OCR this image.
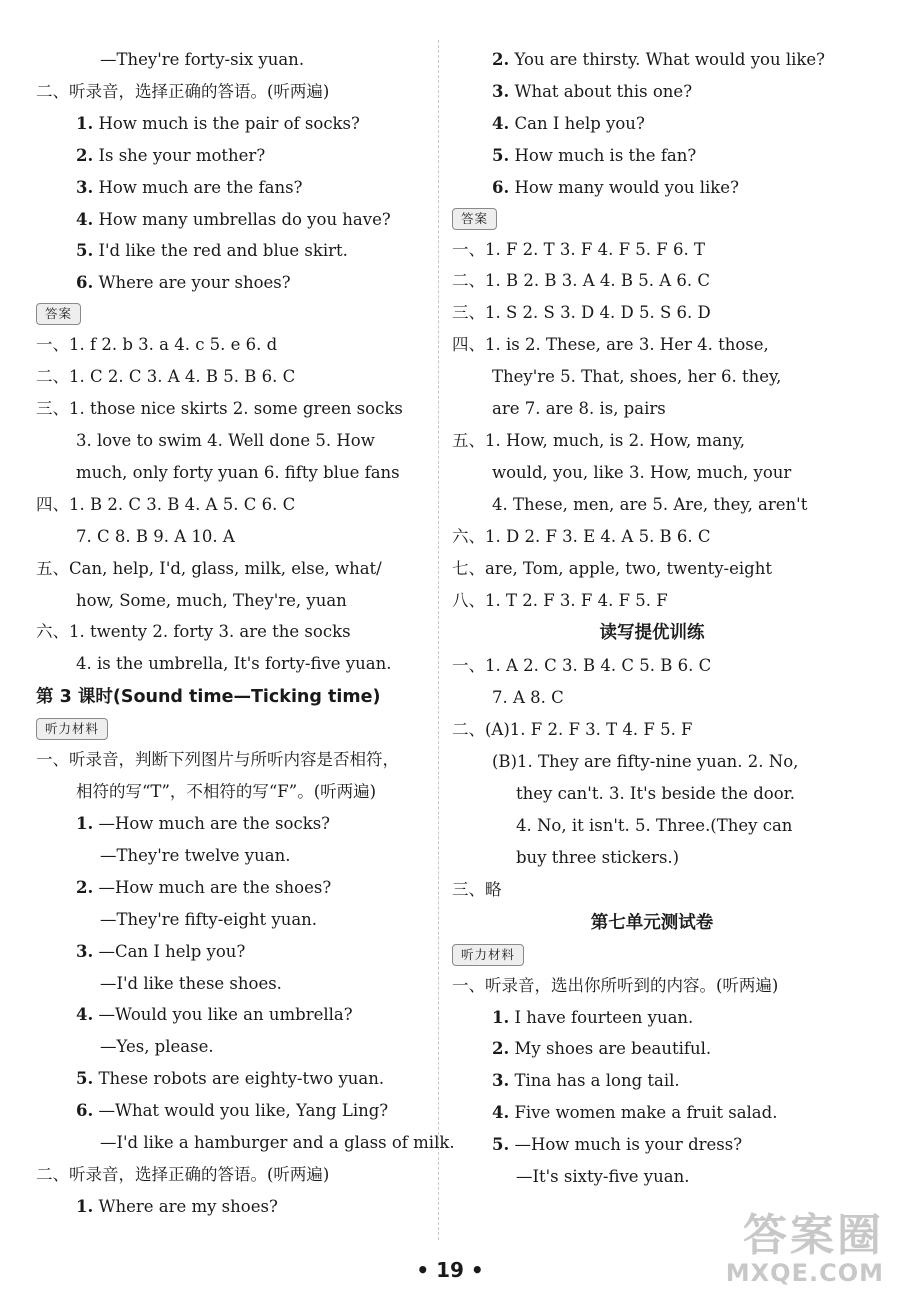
—They're forty-six yuan.
二、听录音，选择正确的答语。(听两遍)
1. How much is the pair of socks?
2. Is she your mother?
3. How much are the fans?
4. How many umbrellas do you have?
5. I'd like the red and blue skirt.
6. Where are your shoes?
答案
一、1. f 2. b 3. a 4. c 5. e 6. d
二、1. C 2. C 3. A 4. B 5. B 6. C
三、1. those nice skirts 2. some green socks
3. love to swim 4. Well done 5. How
much, only forty yuan 6. fifty blue fans
四、1. B 2. C 3. B 4. A 5. C 6. C
7. C 8. B 9. A 10. A
五、Can, help, I'd, glass, milk, else, what/
how, Some, much, They're, yuan
六、1. twenty 2. forty 3. are the socks
4. is the umbrella, It's forty-five yuan.
第 3 课时(Sound time—Ticking time)
听力材料
一、听录音，判断下列图片与所听内容是否相符，
相符的写“T”，不相符的写“F”。(听两遍)
1. —How much are the socks?
—They're twelve yuan.
2. —How much are the shoes?
—They're fifty-eight yuan.
3. —Can I help you?
—I'd like these shoes.
4. —Would you like an umbrella?
—Yes, please.
5. These robots are eighty-two yuan.
6. —What would you like, Yang Ling?
—I'd like a hamburger and a glass of milk.
二、听录音，选择正确的答语。(听两遍)
1. Where are my shoes?
2. You are thirsty. What would you like?
3. What about this one?
4. Can I help you?
5. How much is the fan?
6. How many would you like?
答案
一、1. F 2. T 3. F 4. F 5. F 6. T
二、1. B 2. B 3. A 4. B 5. A 6. C
三、1. S 2. S 3. D 4. D 5. S 6. D
四、1. is 2. These, are 3. Her 4. those,
They're 5. That, shoes, her 6. they,
are 7. are 8. is, pairs
五、1. How, much, is 2. How, many,
would, you, like 3. How, much, your
4. These, men, are 5. Are, they, aren't
六、1. D 2. F 3. E 4. A 5. B 6. C
七、are, Tom, apple, two, twenty-eight
八、1. T 2. F 3. F 4. F 5. F
读写提优训练
一、1. A 2. C 3. B 4. C 5. B 6. C
7. A 8. C
二、(A)1. F 2. F 3. T 4. F 5. F
(B)1. They are fifty-nine yuan. 2. No,
they can't. 3. It's beside the door.
4. No, it isn't. 5. Three.(They can
buy three stickers.)
三、略
第七单元测试卷
听力材料
一、听录音，选出你所听到的内容。(听两遍)
1. I have fourteen yuan.
2. My shoes are beautiful.
3. Tina has a long tail.
4. Five women make a fruit salad.
5. —How much is your dress?
—It's sixty-five yuan.
• 19 •
答案圈
MXQE.COM
